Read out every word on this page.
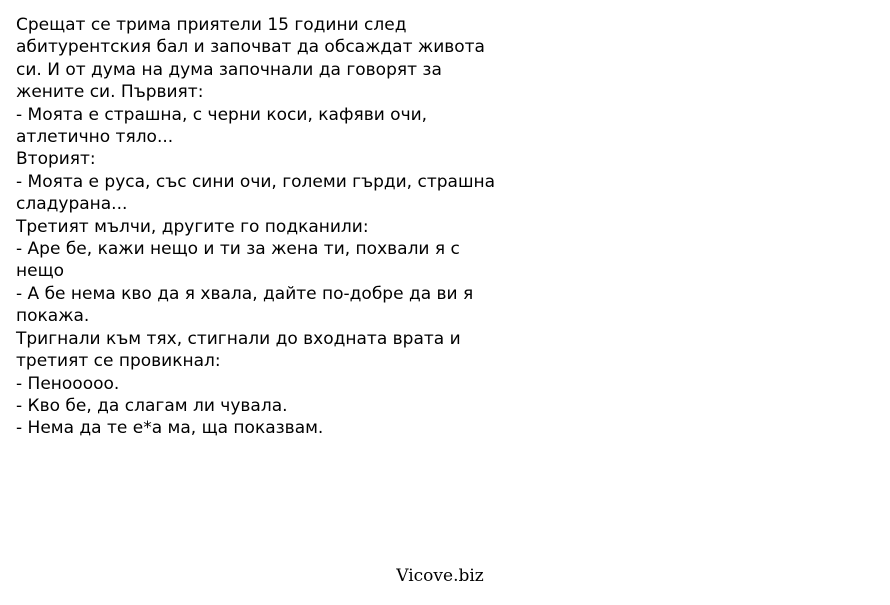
Срещат се трима приятели 15 години след
абитурентския бал и започват да обсаждат живота
си. И от дума на дума започнали да говорят за
жените си. Първият:
- Моята е страшна, с черни коси, кафяви очи,
атлетично тяло...
Вторият:
- Моята е руса, със сини очи, големи гърди, страшна
сладурана...
Третият мълчи, другите го подканили:
- Аре бе, кажи нещо и ти за жена ти, похвали я с
нещо
- А бе нема кво да я хвала, дайте по-добре да ви я
покажа.
Тригнали към тях, стигнали до входната врата и
третият се провикнал:
- Пенооооо.
- Кво бе, да слагам ли чувала.
- Нема да те е*а ма, ща показвам.
Vicove.biz
